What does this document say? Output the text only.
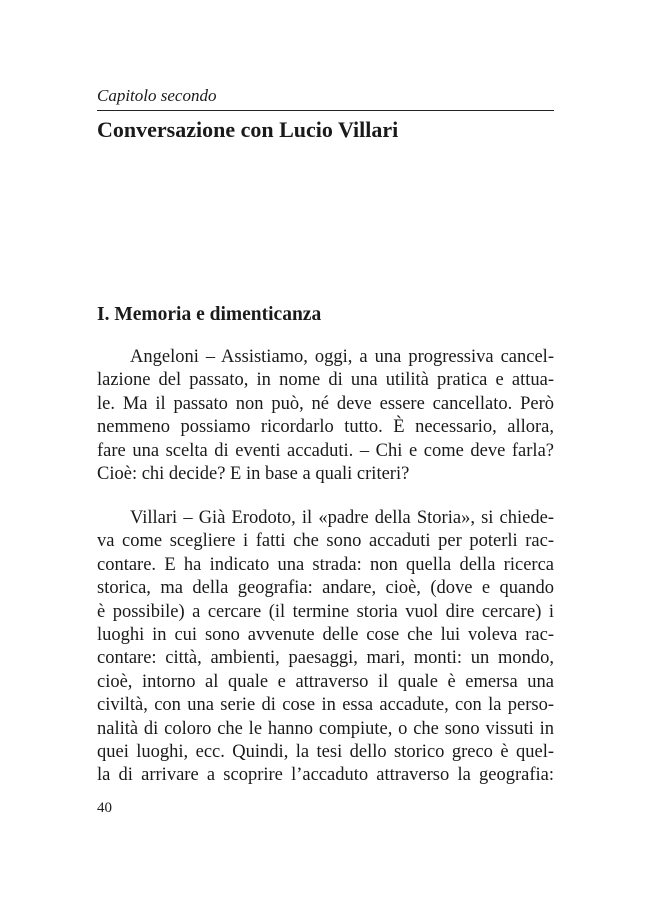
Capitolo secondo

Conversazione con Lucio Villari
I. Memoria e dimenticanza
Angeloni – Assistiamo, oggi, a una progressiva cancel-
lazione del passato, in nome di una utilità pratica e attua-
le. Ma il passato non può, né deve essere cancellato. Però
nemmeno possiamo ricordarlo tutto. È necessario, allora,
fare una scelta di eventi accaduti. – Chi e come deve farla?
Cioè: chi decide? E in base a quali criteri?
Villari – Già Erodoto, il «padre della Storia», si chiede-
va come scegliere i fatti che sono accaduti per poterli rac-
contare. E ha indicato una strada: non quella della ricerca
storica, ma della geografia: andare, cioè, (dove e quando
è possibile) a cercare (il termine storia vuol dire cercare) i
luoghi in cui sono avvenute delle cose che lui voleva rac-
contare: città, ambienti, paesaggi, mari, monti: un mondo,
cioè, intorno al quale e attraverso il quale è emersa una
civiltà, con una serie di cose in essa accadute, con la perso-
nalità di coloro che le hanno compiute, o che sono vissuti in
quei luoghi, ecc. Quindi, la tesi dello storico greco è quel-
la di arrivare a scoprire l’accaduto attraverso la geografia:

40
